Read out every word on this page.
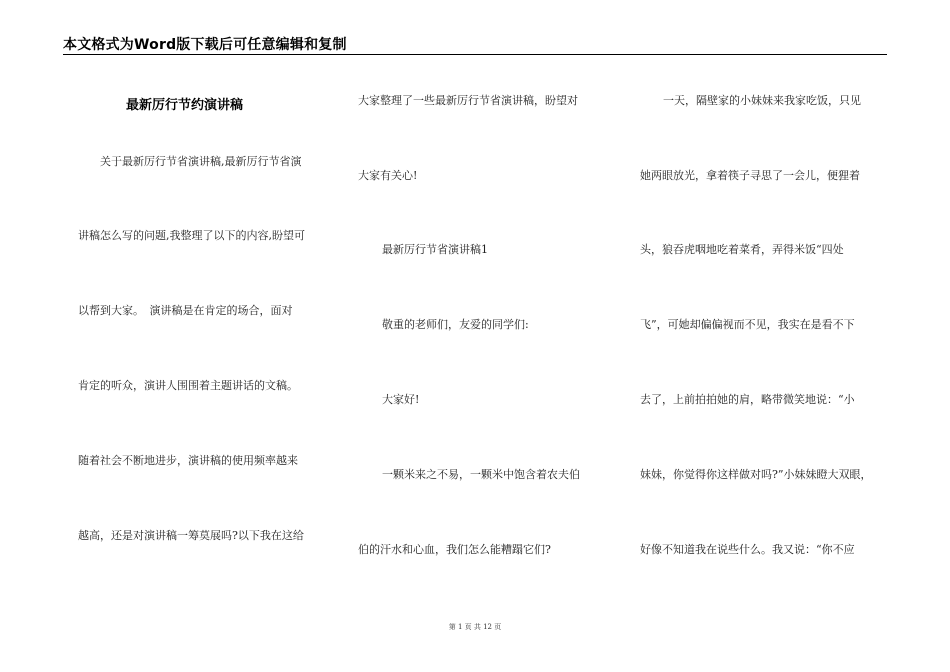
本文格式为Word版下载后可任意编辑和复制
最新厉行节约演讲稿
关于最新厉行节省演讲稿,最新厉行节省演
讲稿怎么写的问题,我整理了以下的内容,盼望可
以帮到大家。　演讲稿是在肯定的场合，面对
肯定的听众，演讲人围围着主题讲话的文稿。
随着社会不断地进步，演讲稿的使用频率越来
越高，还是对演讲稿一筹莫展吗?以下我在这给
大家整理了一些最新厉行节省演讲稿，盼望对
大家有关心!
最新厉行节省演讲稿1
敬重的老师们，友爱的同学们:
大家好!
一颗米来之不易，一颗米中饱含着农夫伯
伯的汗水和心血，我们怎么能糟蹋它们?
一天，隔壁家的小妹妹来我家吃饭，只见
她两眼放光，拿着筷子寻思了一会儿，便狸着
头，狼吞虎咽地吃着菜肴，弄得米饭“四处
飞”，可她却偏偏视而不见，我实在是看不下
去了，上前拍拍她的肩，略带微笑地说：“小
妹妹，你觉得你这样做对吗?”小妹妹瞪大双眼，
好像不知道我在说些什么。我又说：“你不应
第 1 页 共 12 页
